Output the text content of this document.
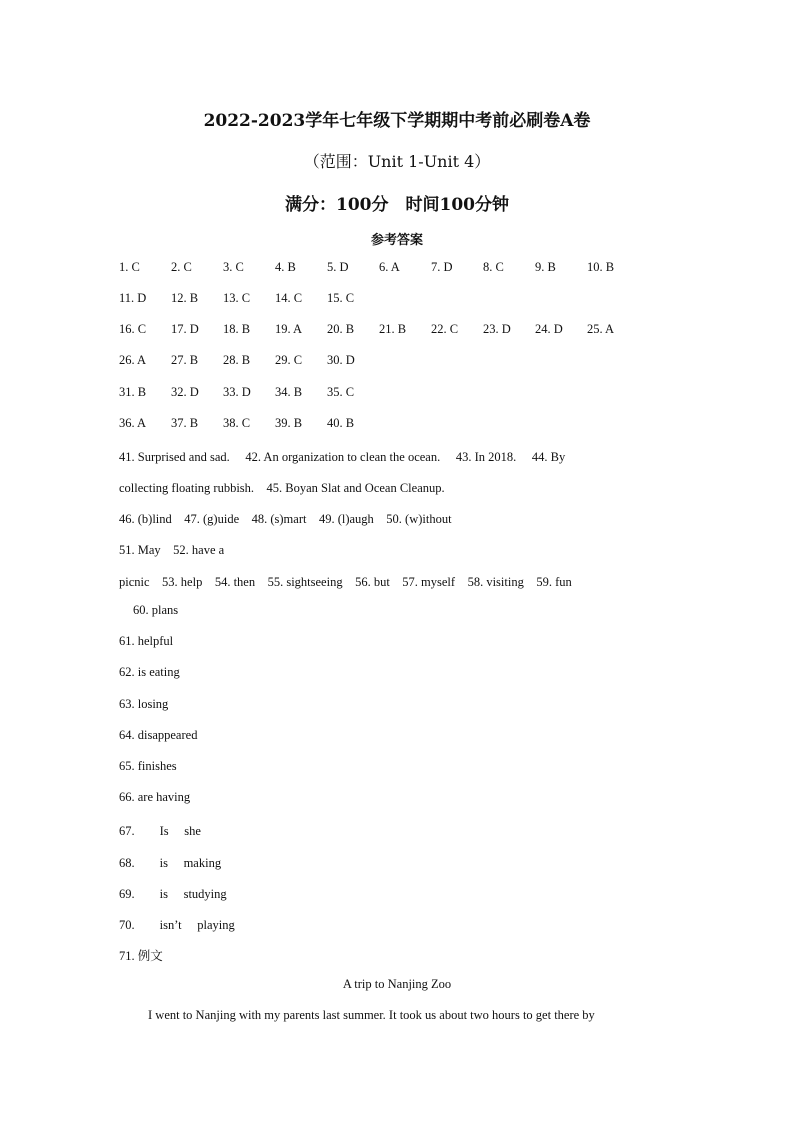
2022-2023学年七年级下学期期中考前必刷卷A卷
（范围：Unit 1-Unit 4）
满分：100分　时间100分钟
参考答案
1. C 2. C 3. C 4. B 5. D 6. A 7. D 8. C 9. B 10. B
11. D 12. B 13. C 14. C 15. C
16. C 17. D 18. B 19. A 20. B 21. B 22. C 23. D 24. D 25. A
26. A 27. B 28. B 29. C 30. D
31. B 32. D 33. D 34. B 35. C
36. A 37. B 38. C 39. B 40. B
41. Surprised and sad.　 42. An organization to clean the ocean.　 43. In 2018.　 44. By
collecting floating rubbish.　45. Boyan Slat and Ocean Cleanup.
46. (b)lind　47. (g)uide　48. (s)mart　49. (l)augh　50. (w)ithout
51. May　52. have a
picnic　53. help　54. then　55. sightseeing　56. but　57. myself　58. visiting　59. fun
60. plans
61. helpful
62. is eating
63. losing
64. disappeared
65. finishes
66. are having
67.　　Is　 she
68.　　is　 making
69.　　is　 studying
70.　　isn’t　 playing
71. 例文
A trip to Nanjing Zoo
I went to Nanjing with my parents last summer. It took us about two hours to get there by
